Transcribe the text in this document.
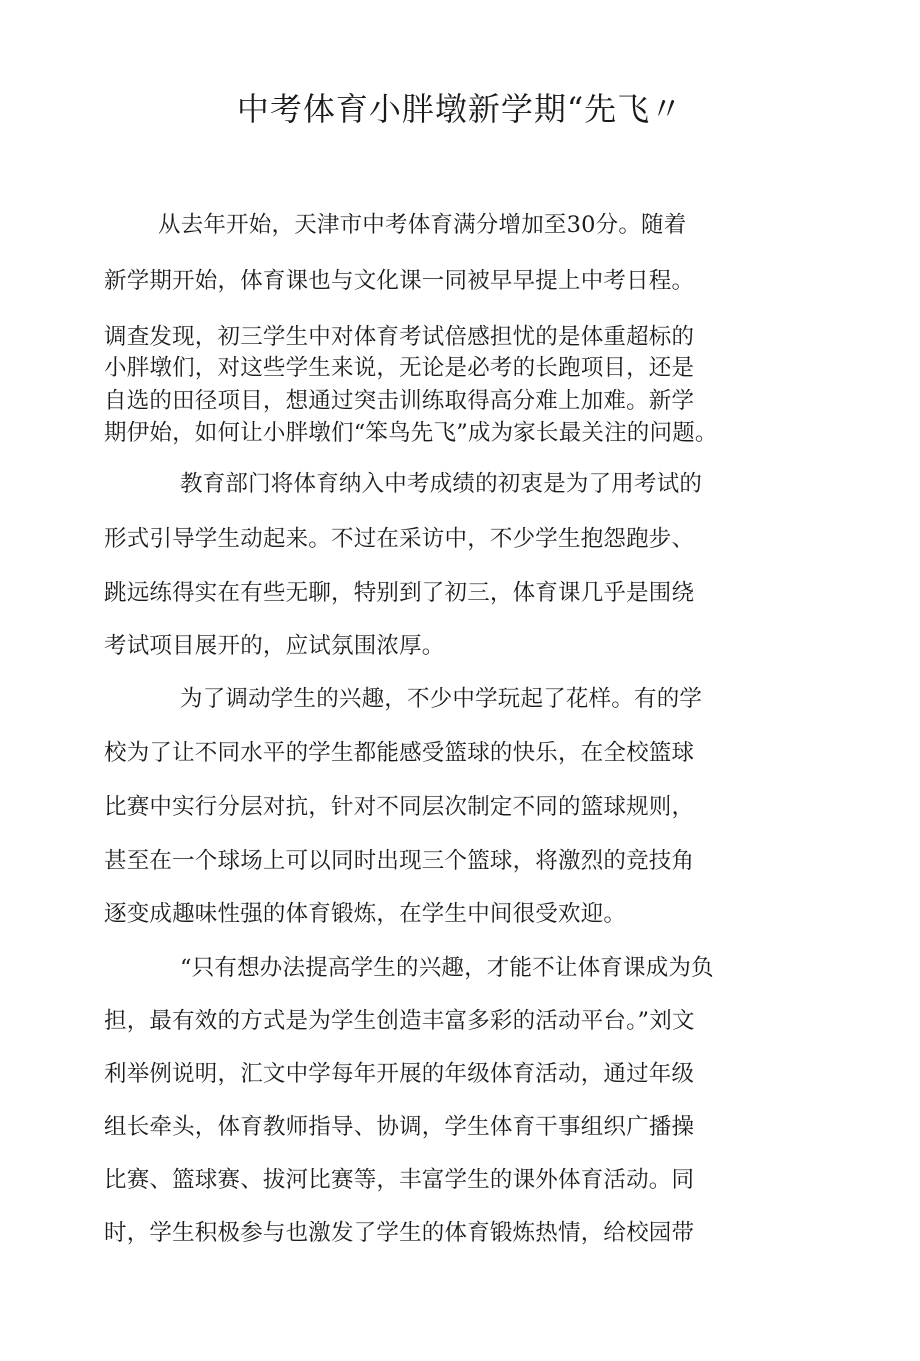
中考体育小胖墩新学期“先飞〃
从去年开始，天津市中考体育满分增加至30分。随着
新学期开始，体育课也与文化课一同被早早提上中考日程。
调查发现，初三学生中对体育考试倍感担忧的是体重超标的
小胖墩们，对这些学生来说，无论是必考的长跑项目，还是
自选的田径项目，想通过突击训练取得高分难上加难。新学
期伊始，如何让小胖墩们“笨鸟先飞”成为家长最关注的问题。
教育部门将体育纳入中考成绩的初衷是为了用考试的
形式引导学生动起来。不过在采访中，不少学生抱怨跑步、
跳远练得实在有些无聊，特别到了初三，体育课几乎是围绕
考试项目展开的，应试氛围浓厚。
为了调动学生的兴趣，不少中学玩起了花样。有的学
校为了让不同水平的学生都能感受篮球的快乐，在全校篮球
比赛中实行分层对抗，针对不同层次制定不同的篮球规则，
甚至在一个球场上可以同时出现三个篮球，将激烈的竞技角
逐变成趣味性强的体育锻炼，在学生中间很受欢迎。
“只有想办法提高学生的兴趣，才能不让体育课成为负
担，最有效的方式是为学生创造丰富多彩的活动平台。”刘文
利举例说明，汇文中学每年开展的年级体育活动，通过年级
组长牵头，体育教师指导、协调，学生体育干事组织广播操
比赛、篮球赛、拔河比赛等，丰富学生的课外体育活动。同
时，学生积极参与也激发了学生的体育锻炼热情，给校园带
